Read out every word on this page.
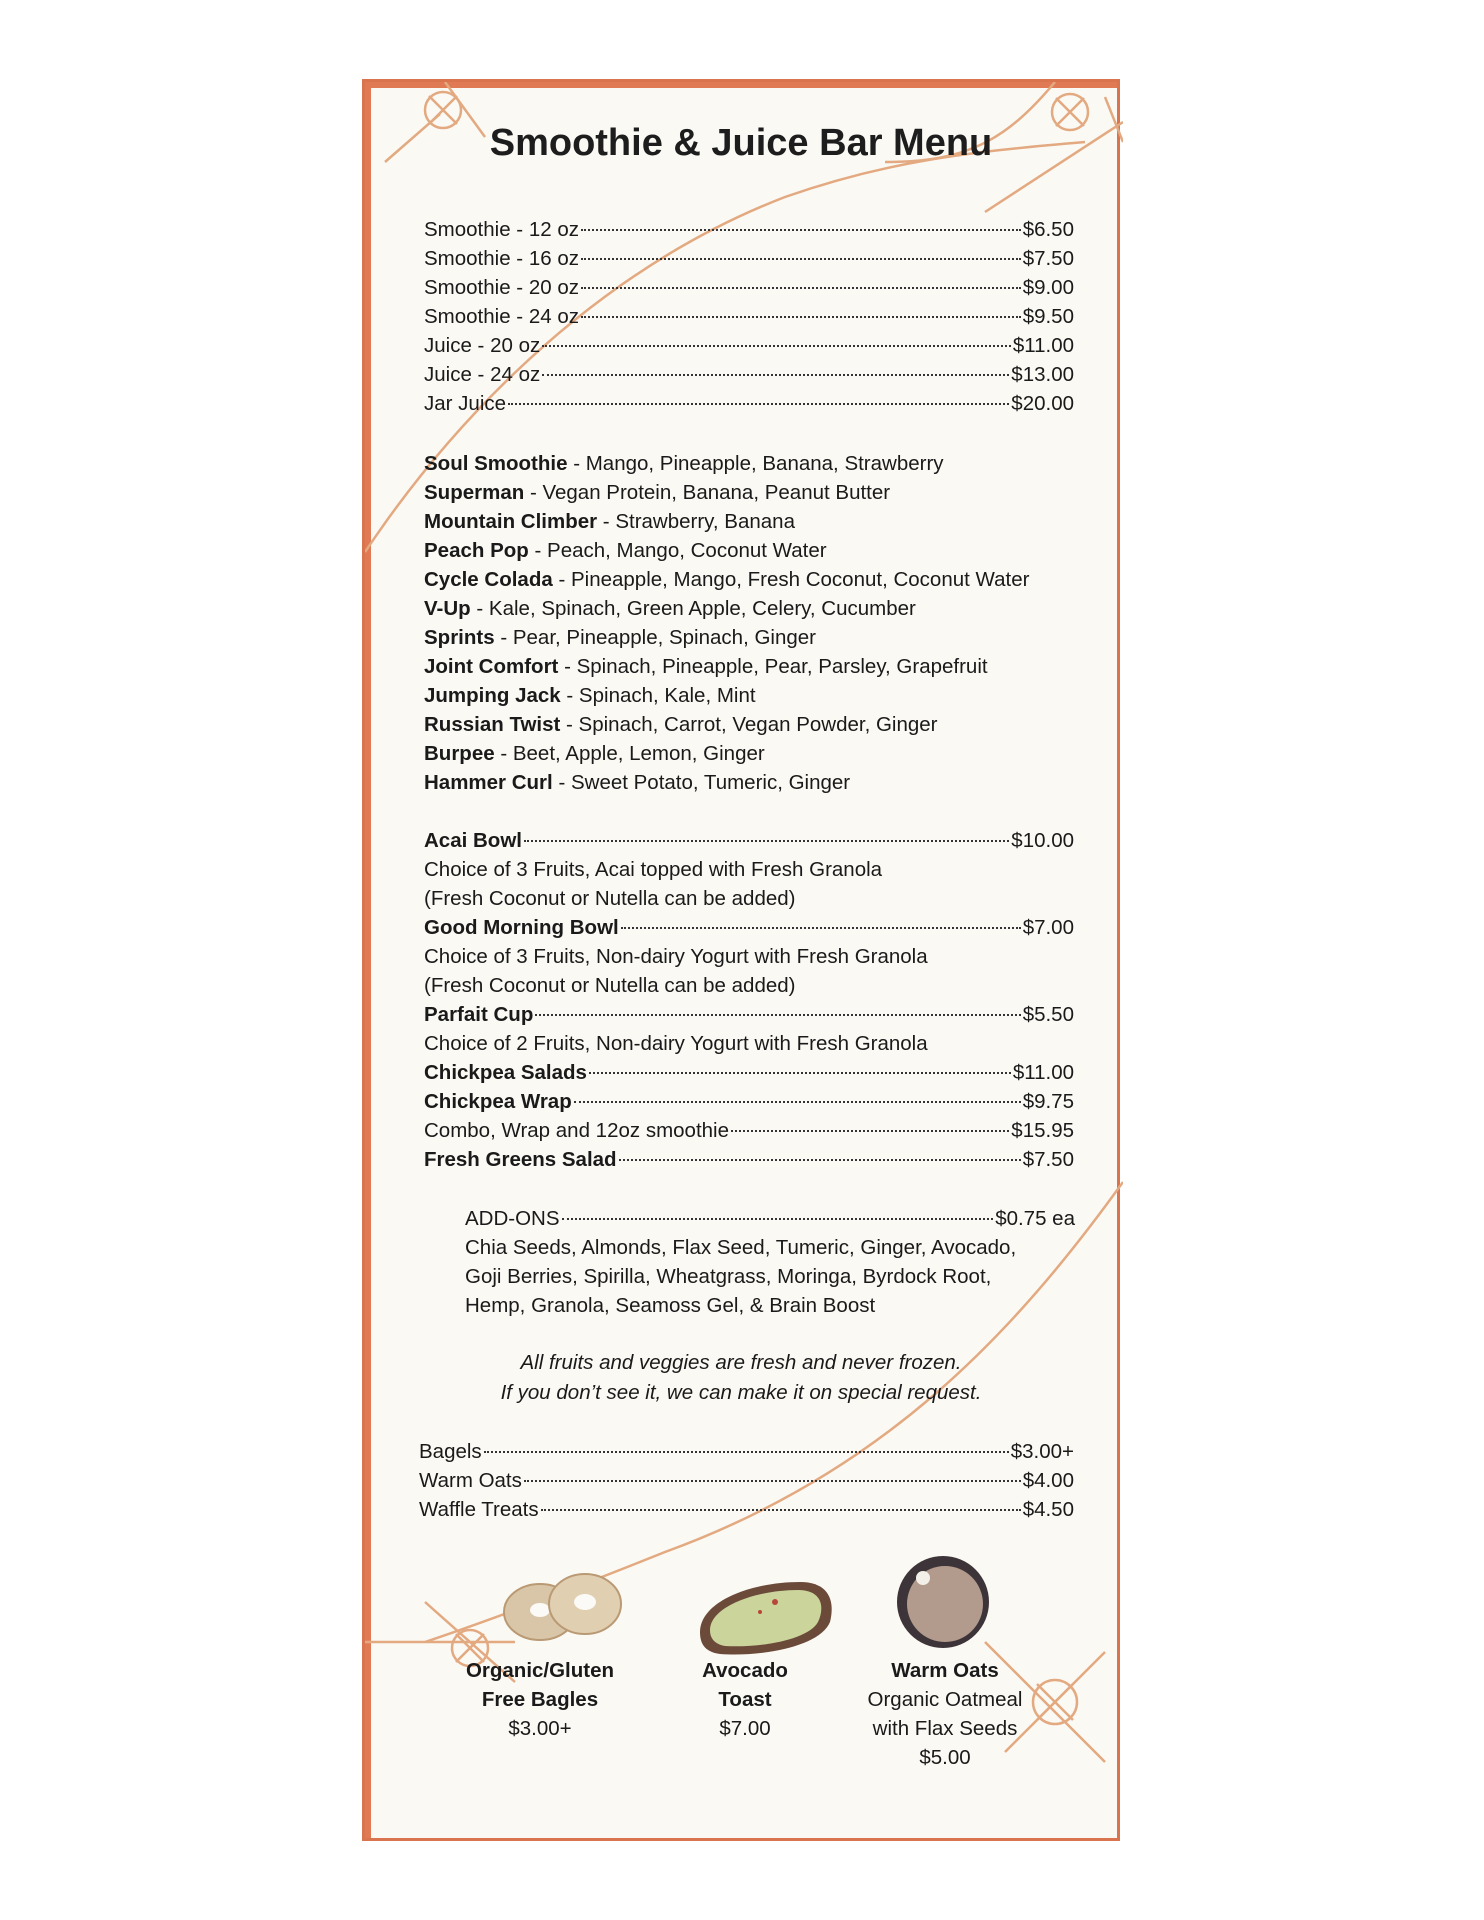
Smoothie & Juice Bar Menu
Smoothie - 12 oz	$6.50
Smoothie - 16 oz	$7.50
Smoothie - 20 oz	$9.00
Smoothie - 24 oz	$9.50
Juice - 20 oz	$11.00
Juice - 24 oz	$13.00
Jar Juice	$20.00
Soul Smoothie - Mango, Pineapple, Banana, Strawberry
Superman - Vegan Protein, Banana, Peanut Butter
Mountain Climber - Strawberry, Banana
Peach Pop - Peach, Mango, Coconut Water
Cycle Colada - Pineapple, Mango, Fresh Coconut, Coconut Water
V-Up - Kale, Spinach, Green Apple, Celery, Cucumber
Sprints - Pear, Pineapple, Spinach, Ginger
Joint Comfort - Spinach, Pineapple, Pear, Parsley, Grapefruit
Jumping Jack - Spinach, Kale, Mint
Russian Twist - Spinach, Carrot, Vegan Powder, Ginger
Burpee - Beet, Apple, Lemon, Ginger
Hammer Curl - Sweet Potato, Tumeric, Ginger
Acai Bowl	$10.00
Choice of 3 Fruits, Acai topped with Fresh Granola
(Fresh Coconut or Nutella can be added)
Good Morning Bowl	$7.00
Choice of 3 Fruits, Non-dairy Yogurt with Fresh Granola
(Fresh Coconut or Nutella can be added)
Parfait Cup	$5.50
Choice of 2 Fruits, Non-dairy Yogurt with Fresh Granola
Chickpea Salads	$11.00
Chickpea Wrap	$9.75
Combo, Wrap and 12oz smoothie	$15.95
Fresh Greens Salad	$7.50
ADD-ONS	$0.75 ea
Chia Seeds, Almonds, Flax Seed, Tumeric, Ginger, Avocado,
Goji Berries, Spirilla, Wheatgrass, Moringa, Byrdock Root,
Hemp, Granola, Seamoss Gel, & Brain Boost
All fruits and veggies are fresh and never frozen.
If you don’t see it, we can make it on special request.
Bagels	$3.00+
Warm Oats	$4.00
Waffle Treats	$4.50
Organic/Gluten
Free Bagles
$3.00+
Avocado
Toast
$7.00
Warm Oats
Organic Oatmeal
with Flax Seeds
$5.00
